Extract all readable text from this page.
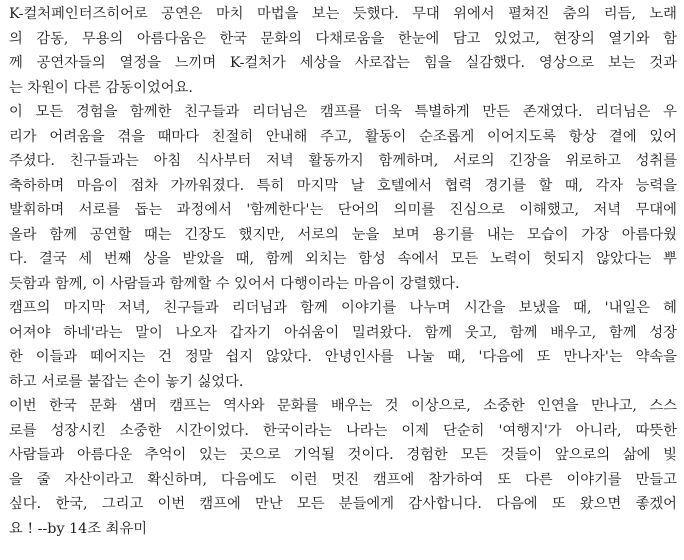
K-컬처페인터즈히어로 공연은 마치 마법을 보는 듯했다. 무대 위에서 펼쳐진 춤의 리듬, 노래
의 감동, 무용의 아름다움은 한국 문화의 다채로움을 한눈에 담고 있었고, 현장의 열기와 함
께 공연자들의 열정을 느끼며 K-컬처가 세상을 사로잡는 힘을 실감했다. 영상으로 보는 것과
는 차원이 다른 감동이었어요.
이 모든 경험을 함께한 친구들과 리더님은 캠프를 더욱 특별하게 만든 존재였다. 리더님은 우
리가 어려움을 겪을 때마다 친절히 안내해 주고, 활동이 순조롭게 이어지도록 항상 곁에 있어
주셨다. 친구들과는 아침 식사부터 저녁 활동까지 함께하며, 서로의 긴장을 위로하고 성취를
축하하며 마음이 점차 가까워졌다. 특히 마지막 날 호텔에서 협력 경기를 할 때, 각자 능력을
발휘하며 서로를 돕는 과정에서 '함께한다'는 단어의 의미를 진심으로 이해했고, 저녁 무대에
올라 함께 공연할 때는 긴장도 했지만, 서로의 눈을 보며 용기를 내는 모습이 가장 아름다웠
다. 결국 세 번째 상을 받았을 때, 함께 외치는 함성 속에서 모든 노력이 헛되지 않았다는 뿌
듯함과 함께, 이 사람들과 함께할 수 있어서 다행이라는 마음이 강렬했다.
캠프의 마지막 저녁, 친구들과 리더님과 함께 이야기를 나누며 시간을 보냈을 때, '내일은 헤
어져야 하네'라는 말이 나오자 갑자기 아쉬움이 밀려왔다. 함께 웃고, 함께 배우고, 함께 성장
한 이들과 떼어지는 건 정말 쉽지 않았다. 안녕인사를 나눌 때, '다음에 또 만나자'는 약속을
하고 서로를 붙잡는 손이 놓기 싫었다.
이번 한국 문화 섐머 캠프는 역사와 문화를 배우는 것 이상으로, 소중한 인연을 만나고, 스스
로를 성장시킨 소중한 시간이었다. 한국이라는 나라는 이제 단순히 '여행지'가 아니라, 따뜻한
사람들과 아름다운 추억이 있는 곳으로 기억될 것이다. 경험한 모든 것들이 앞으로의 삶에 빛
을 줄 자산이라고 확신하며, 다음에도 이런 멋진 캠프에 참가하여 또 다른 이야기를 만들고
싶다. 한국, 그리고 이번 캠프에 만난 모든 분들에게 감사합니다. 다음에 또 왔으면 좋겠어
요 ! --by 14조 최유미
